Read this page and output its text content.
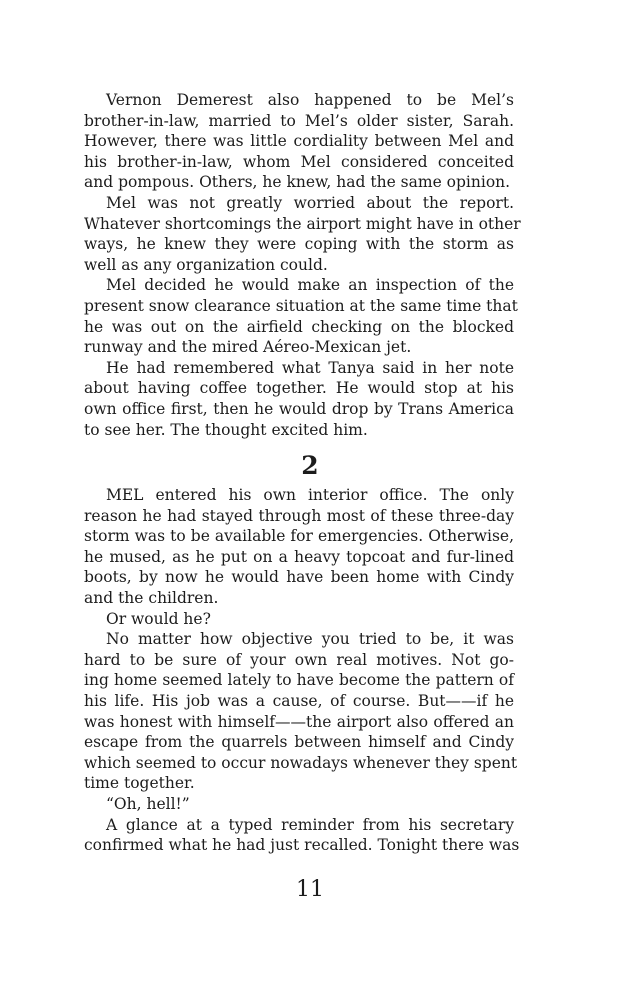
Vernon Demerest also happened to be Mel’s
brother-in-law, married to Mel’s older sister, Sarah.
However, there was little cordiality between Mel and
his brother-in-law, whom Mel considered conceited
and pompous. Others, he knew, had the same opinion.
Mel was not greatly worried about the report.
Whatever shortcomings the airport might have in other
ways, he knew they were coping with the storm as
well as any organization could.
Mel decided he would make an inspection of the
present snow clearance situation at the same time that
he was out on the airfield checking on the blocked
runway and the mired Aéreo-Mexican jet.
He had remembered what Tanya said in her note
about having coffee together. He would stop at his
own office first, then he would drop by Trans America
to see her. The thought excited him.
2
MEL entered his own interior office. The only
reason he had stayed through most of these three-day
storm was to be available for emergencies. Otherwise,
he mused, as he put on a heavy topcoat and fur-lined
boots, by now he would have been home with Cindy
and the children.
Or would he?
No matter how objective you tried to be, it was
hard to be sure of your own real motives. Not go-
ing home seemed lately to have become the pattern of
his life. His job was a cause, of course. But——if he
was honest with himself——the airport also offered an
escape from the quarrels between himself and Cindy
which seemed to occur nowadays whenever they spent
time together.
“Oh, hell!”
A glance at a typed reminder from his secretary
confirmed what he had just recalled. Tonight there was
11
